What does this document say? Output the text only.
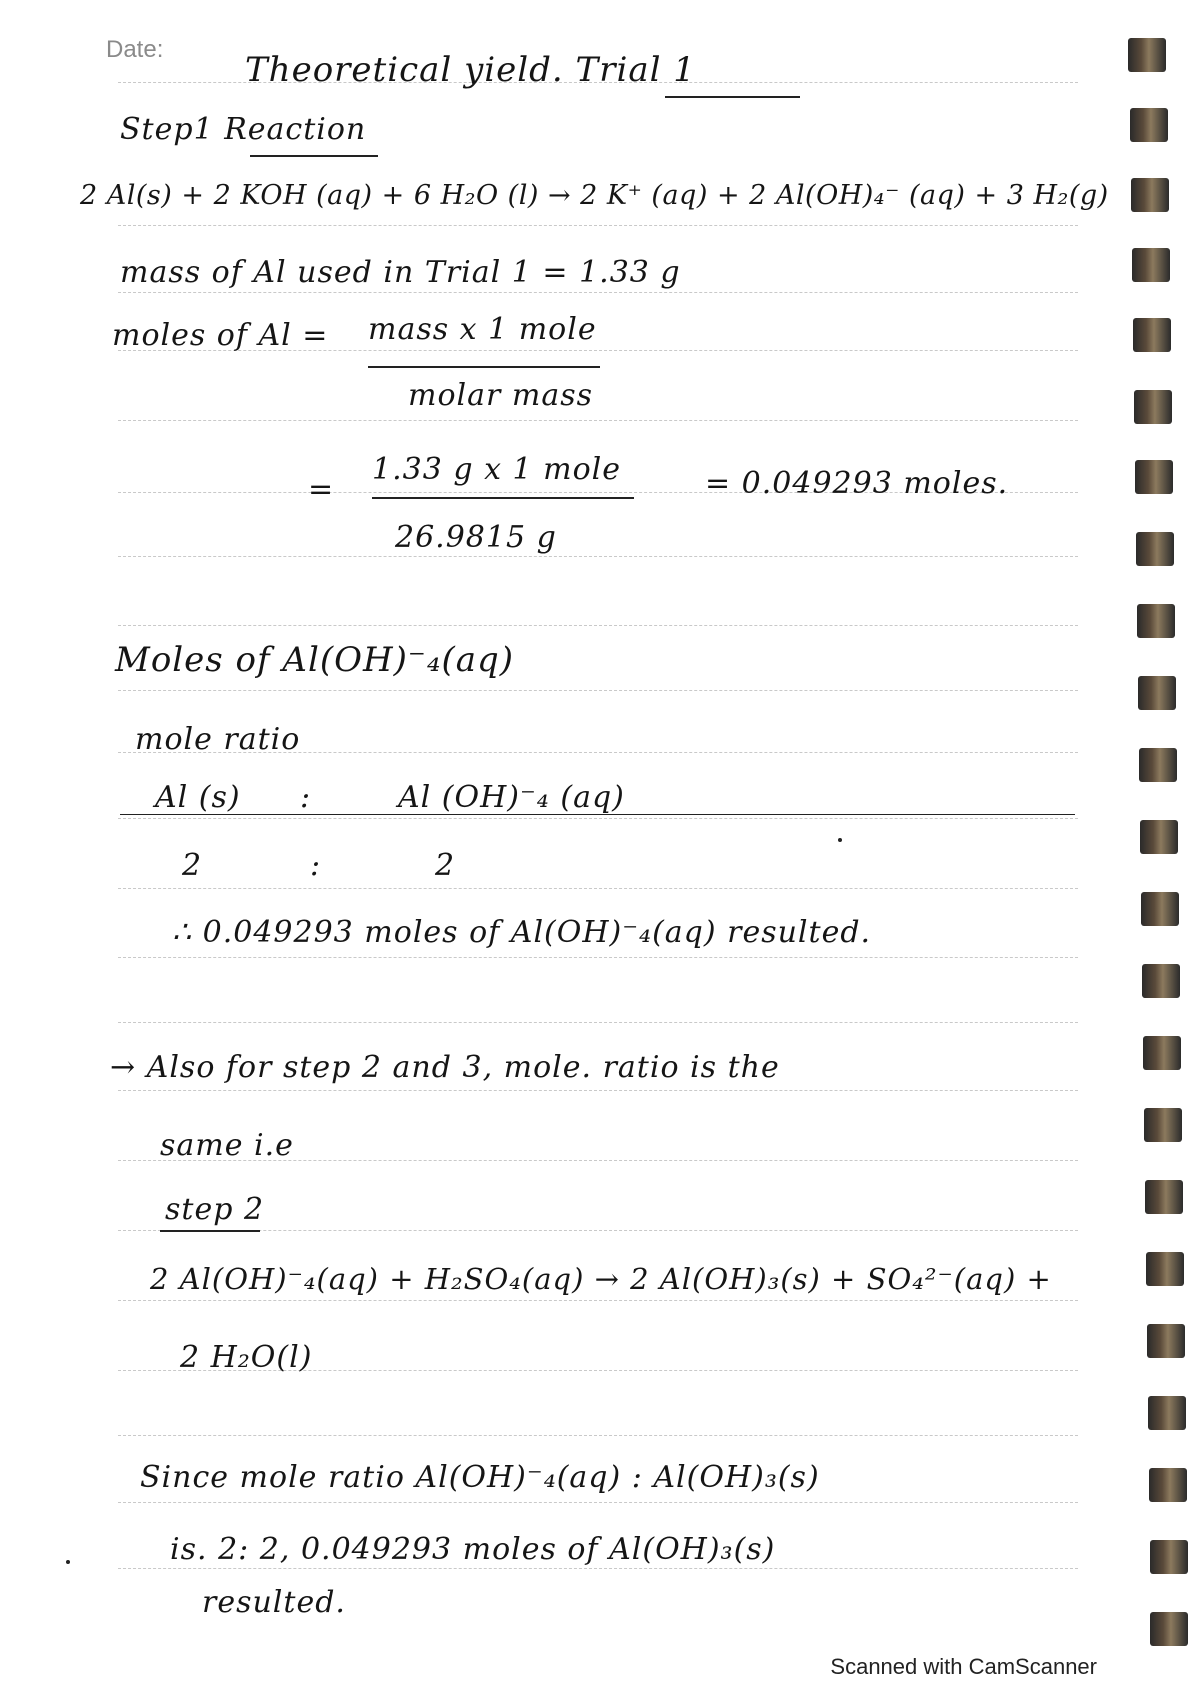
Date:
Theoretical yield. Trial 1
Step1 Reaction
2 Al(s) + 2 KOH (aq) + 6 H₂O (l) → 2 K⁺ (aq) + 2 Al(OH)₄⁻ (aq) + 3 H₂(g)
mass of Al used in Trial 1 = 1.33 g
moles of Al = mass x 1 mole
molar mass
=
1.33 g x 1 mole
26.9815 g
= 0.049293 moles.
Moles of Al(OH)⁻₄(aq)
mole ratio
Al (s) :	Al (OH)⁻₄ (aq)
2	:	2
∴ 0.049293 moles of Al(OH)⁻₄(aq) resulted.
→ Also for step 2 and 3, mole. ratio is the
same i.e
step 2
2 Al(OH)⁻₄(aq) + H₂SO₄(aq) → 2 Al(OH)₃(s) + SO₄²⁻(aq) +
2 H₂O(l)
Since mole ratio Al(OH)⁻₄(aq) : Al(OH)₃(s)
is. 2: 2, 0.049293 moles of Al(OH)₃(s)
resulted.
Scanned with CamScanner
